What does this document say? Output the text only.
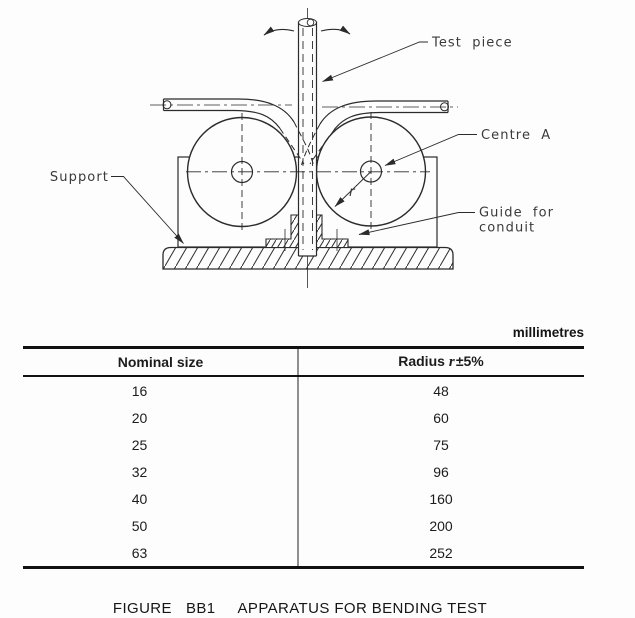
Test piece
Centre A
Support
Guide for
conduit
r
millimetres
Nominal size	Radius r ±5%
16	48
20	60
25	75
32	96
40	160
50	200
63	252
FIGURE BB1 APPARATUS FOR BENDING TEST
